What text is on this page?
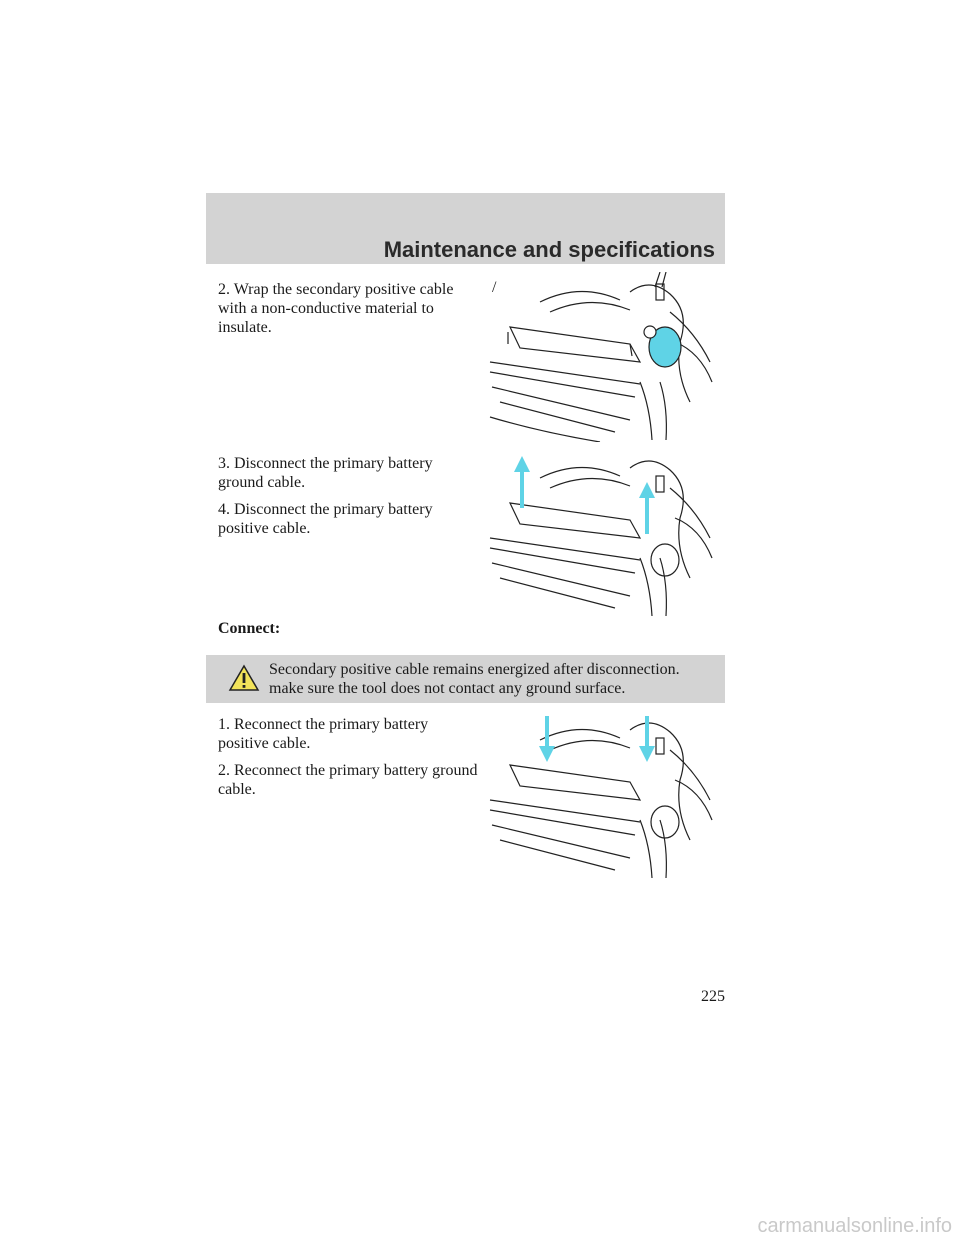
Maintenance and specifications

2. Wrap the secondary positive cable with a non-conductive material to insulate.

/

3. Disconnect the primary battery ground cable.

4. Disconnect the primary battery positive cable.

Connect:

Secondary positive cable remains energized after disconnection.
make sure the tool does not contact any ground surface.

1. Reconnect the primary battery positive cable.

2. Reconnect the primary battery ground cable.

225

carmanualsonline.info
